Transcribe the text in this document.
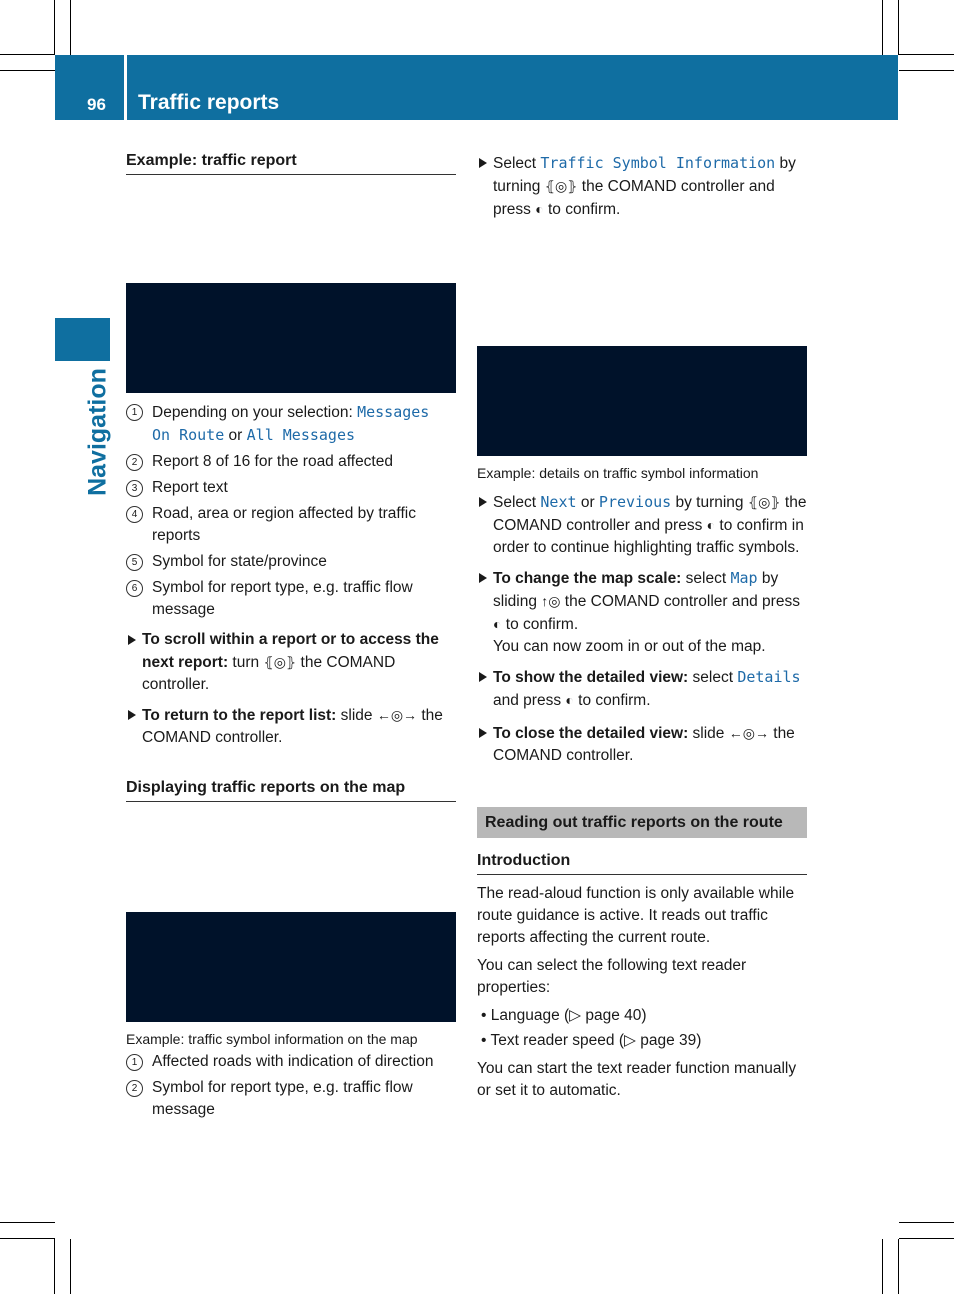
96 Traffic reports
Navigation
Example: traffic report
1 Depending on your selection: Messages On Route or All Messages
2 Report 8 of 16 for the road affected
3 Report text
4 Road, area or region affected by traffic reports
5 Symbol for state/province
6 Symbol for report type, e.g. traffic flow message

To scroll within a report or to access the next report: turn ⦃◎⦄ the COMAND controller.

To return to the report list: slide ←◎→ the COMAND controller.

Displaying traffic reports on the map
Example: traffic symbol information on the map
1 Affected roads with indication of direction
2 Symbol for report type, e.g. traffic flow message

Select Traffic Symbol Information by turning ⦃◎⦄ the COMAND controller and press ◐ to confirm.

Example: details on traffic symbol information

Select Next or Previous by turning ⦃◎⦄ the COMAND controller and press ◐ to confirm in order to continue highlighting traffic symbols.

To change the map scale: select Map by sliding ↑◎ the COMAND controller and press ◐ to confirm.
You can now zoom in or out of the map.

To show the detailed view: select Details and press ◐ to confirm.

To close the detailed view: slide ←◎→ the COMAND controller.

Reading out traffic reports on the route
Introduction

The read-aloud function is only available while route guidance is active. It reads out traffic reports affecting the current route.

You can select the following text reader properties:

• Language (▷ page 40)
• Text reader speed (▷ page 39)

You can start the text reader function manually or set it to automatic.
